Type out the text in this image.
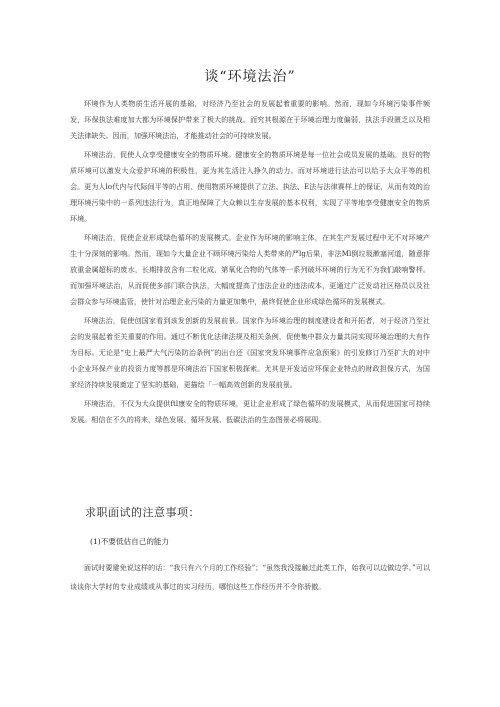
谈“环境法治”

环境作为人类物质生活开展的基础，对经济乃至社会的发展起着重要的影响。然而，现如今环境污染事件频发，环保执法难度加大都为环境保护带来了极大的挑战。而究其根源在于环境治理力度偏弱，执法手段匮乏以及相关法律缺失。因而，加强环境法治，才能推动社会的可持续发展。

环境法治，促使人众享受健康安全的物质环境。健康安全的物质环境是每一位社会成员发展的基础。良好的物质环境可以激发大众爱护环境的积极性，更为其生活注入挣久的动力。而对环境进行法治可以给予大众平等的机会。更为人lo代内与代际间平等的占用、使用物质环境提供了立法、执法、E法与法律赛样上的保证，从而有效的治理环境污染中的一系列违法行为，真正地保障了大众赖以生存发展的基本权利，实现了平等地享受健康安全的物质环境。

环境法治，促使企业形成绿色循环的发展模式。企业作为环境的影响主体，在其生产发展过程中无不对环境产生十分深刻的影响。然而，现如今大量企业不顾环境污染给人类带来的严lg后果，非法Ml倒垃圾漱塞河道，随意排放重金属超标的废水，长期排放含有二粒化成、第氧化合物的气体等一系列破坏环境的行为无不为我们敲响警枰。而加强环境法治，从而促使多部门联合执法，大幅度提高了违法企业的违法成本，更通过广泛发动社区格员以及社会群众参与环境监管，使针对治理企业污染的力量更加集中，最终促使企业形成绿色循环的发展模式。

环境法治，促使创国家看到该发创新的发展前景。国家作为环境治理的制度建设者和开拓者，对于经济乃至社会的发展起着至关重要的作用。通过不断优化法律法规及相关条例，促使集中群众力量共同实现环境治理的大有作为目标。无论是“史上最严大气污染防治条例”的出台还《国家突发环境事件应急预案》的引发修订乃至扩大的对中小企业环保产业的投资力度等都是环境法治下国家积极探索。尤其是开发适应环保企业特点的财政担保方式，为国家经济持续发展奠定了坚实的基础，更描绘「一幅高效创新的发展前景。

环境法治，不仅为大众提供ftl康安全的物质环境，更让企业形成了绿色循环的发展模式，从而促进国家可持续发展。相信在不久的将来，绿色发展、循环发展、低碳法治的生态图景必将展现。

求职面试的注意事项：
(1)不要低估自己的能力

面试时要避免说这样的话：“我只有六个月的工作经验”；“虽然我没接触过此类工作，始我可以边做边学。”可以谈谈你大学时的专业成绩或从事过的实习经历，哪怕这些工作经历并不令你骄傲。
